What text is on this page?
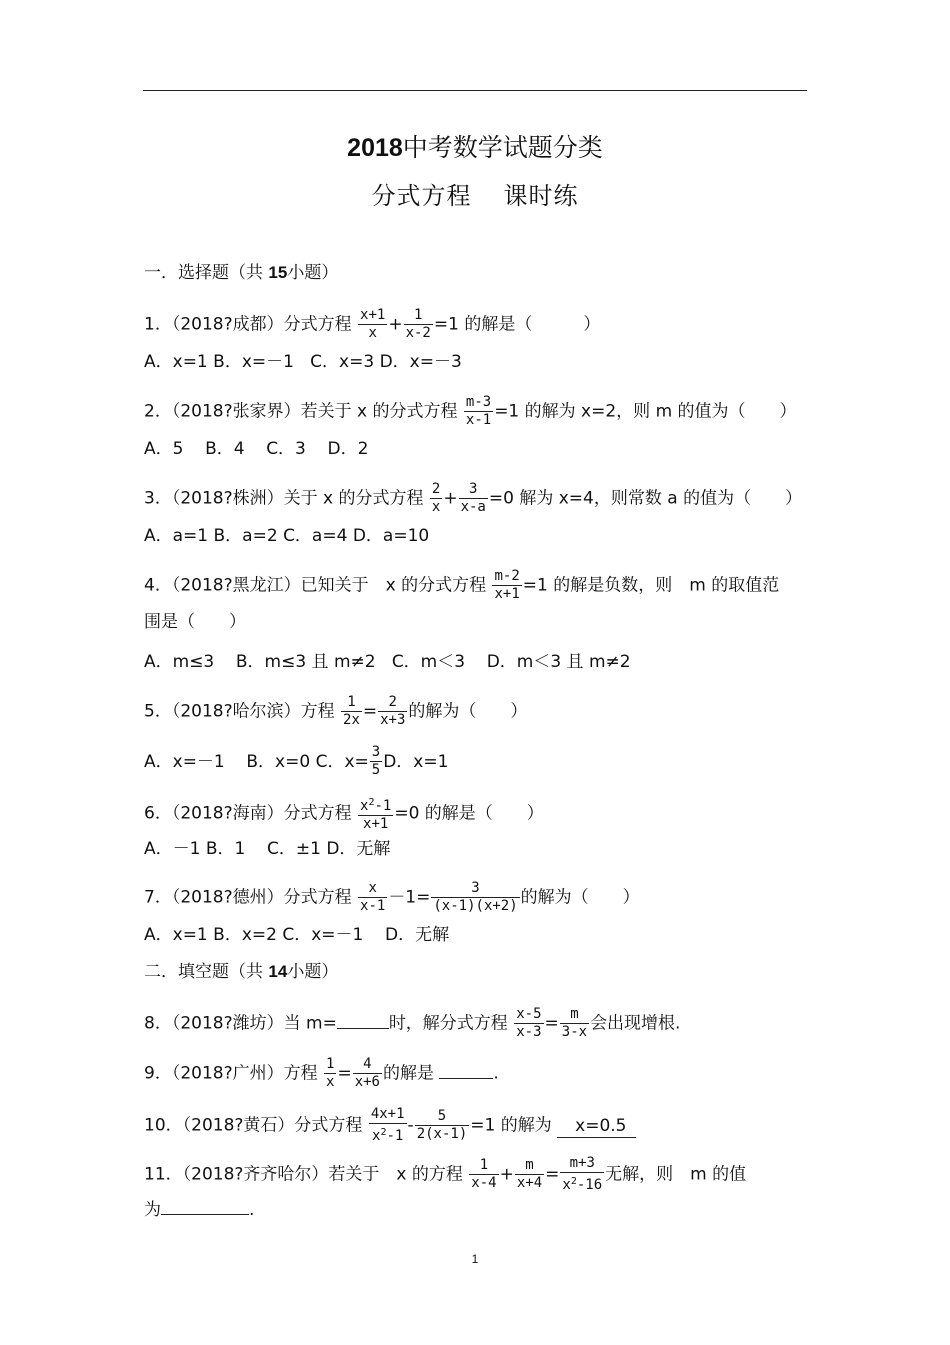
2018中考数学试题分类
分式方程 课时练
一．选择题（共 15小题）
1．（2018?成都）分式方程 $\frac{x+1}{x} + \frac{1}{x-2} =1$ 的解是（　　　）
A．x=1 B．x=－1 C．x=3 D．x=－3
2．（2018?张家界）若关于 x 的分式方程 $\frac{m-3}{x-1} =1$ 的解为 x=2，则 m 的值为（　　）
A．5 B．4 C．3 D．2
3．（2018?株洲）关于 x 的分式方程 $\frac{2}{x} + \frac{3}{x-a} =0$ 解为 x=4，则常数 a 的值为（　　）
A．a=1 B．a=2 C．a=4 D．a=10
4．（2018?黑龙江）已知关于　x 的分式方程 $\frac{m-2}{x+1} =1$ 的解是负数，则　m 的取值范
围是（　　）
A．m≤3 B．m≤3 且 m≠2 C．m＜3 D．m＜3 且 m≠2
5．（2018?哈尔滨）方程 $\frac{1}{2x} = \frac{2}{x+3}$ 的解为（　　）
A．x=－1 B．x=0 C．$x= \frac{3}{5}$ D．x=1
6．（2018?海南）分式方程 $\frac{x^2-1}{x+1} =0$ 的解是（　　）
A．－1 B．1 C．±1 D．无解
7．（2018?德州）分式方程 $\frac{x}{x-1} -1= \frac{3}{(x-1)(x+2)}$ 的解为（　　）
A．x=1 B．x=2 C．x=－1 D．无解
二．填空题（共 14小题）
8．（2018?潍坊）当 m=	时，解分式方程 $\frac{x-5}{x-3} = \frac{m}{3-x}$ 会出现增根.
9．（2018?广州）方程 $\frac{1}{x} = \frac{4}{x+6}$ 的解是	.
10．（2018?黄石）分式方程 $\frac{4x+1}{x^2-1} - \frac{5}{2(x-1)} =1$ 的解为 x=0.5
11．（2018?齐齐哈尔）若关于　x 的方程 $\frac{1}{x-4} + \frac{m}{x+4} = \frac{m+3}{x^2-16}$ 无解，则　m 的值
为	.
1
